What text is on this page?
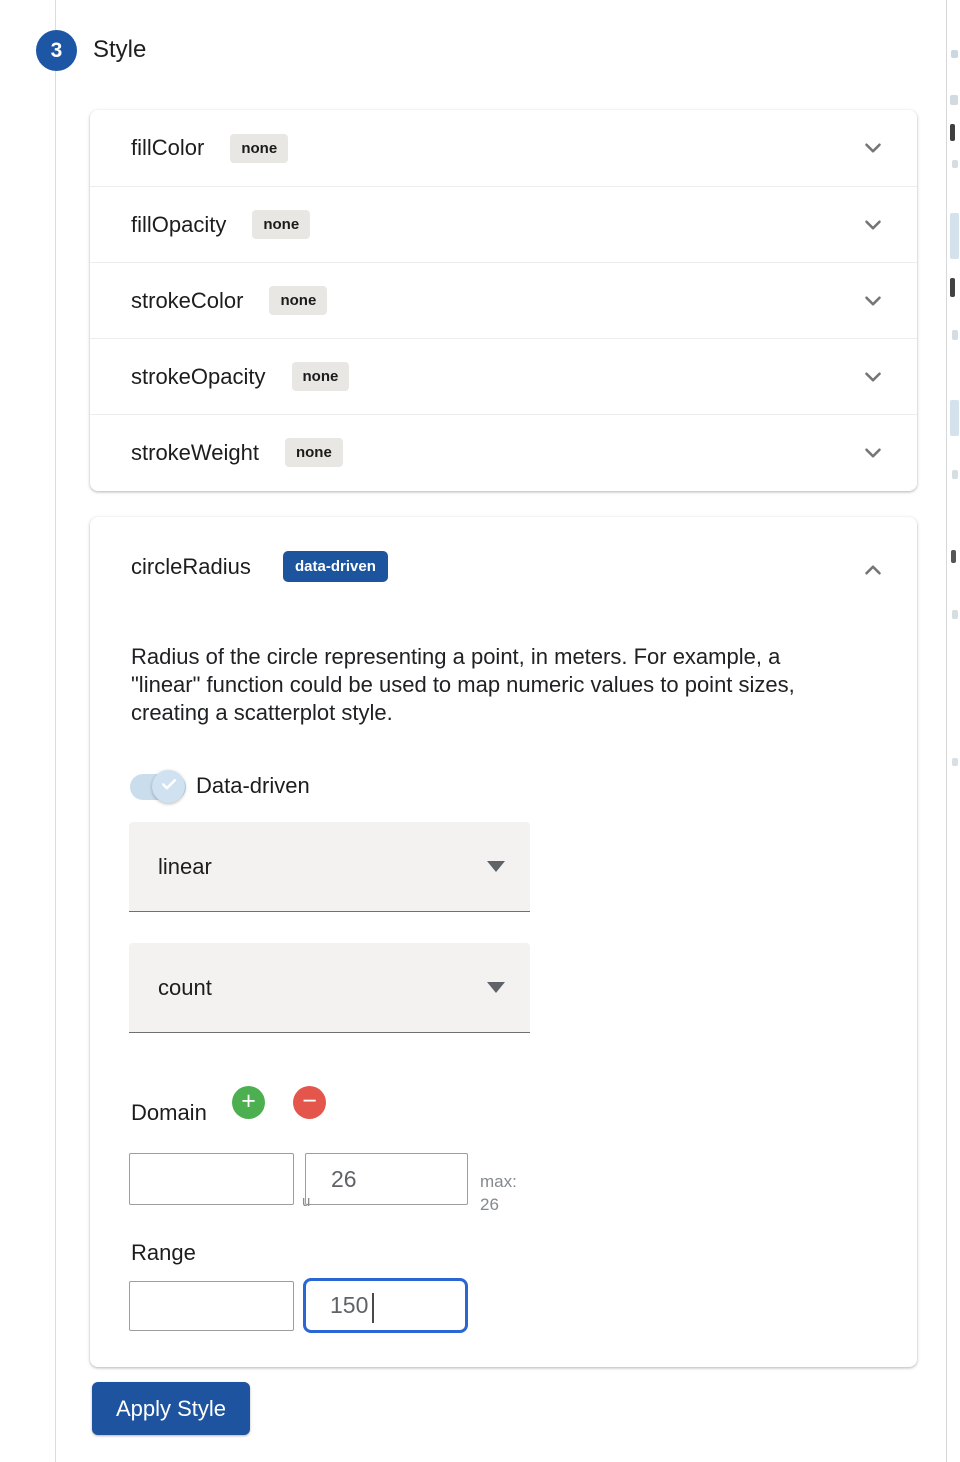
3 Style
fillColor	none
fillOpacity	none
strokeColor	none
strokeOpacity	none
strokeWeight	none
circleRadius	data-driven
Radius of the circle representing a point, in meters. For example, a
"linear" function could be used to map numeric values to point sizes,
creating a scatterplot style.
Data-driven
linear
count
Domain	+	−
26
u
max:
26
Range
150
Apply Style
